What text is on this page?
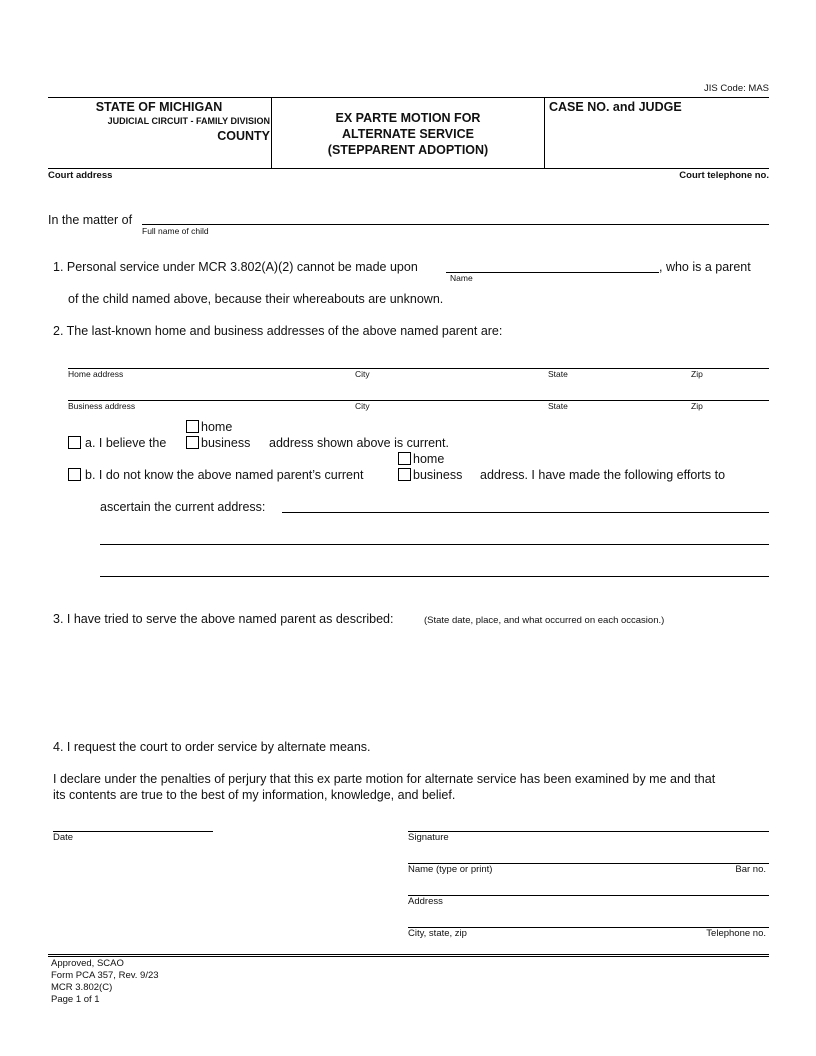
JIS Code: MAS
STATE OF MICHIGAN
JUDICIAL CIRCUIT - FAMILY DIVISION
COUNTY
EX PARTE MOTION FOR
ALTERNATE SERVICE
(STEPPARENT ADOPTION)
CASE NO. and JUDGE
Court address	Court telephone no.
In the matter of
Full name of child
1. Personal service under MCR 3.802(A)(2) cannot be made upon
Name
, who is a parent
of the child named above, because their whereabouts are unknown.
2. The last-known home and business addresses of the above named parent are:
Home address	City	State	Zip
Business address	City	State	Zip
home
a. I believe the	business address shown above is current.
home
b. I do not know the above named parent’s current	business address. I have made the following efforts to
ascertain the current address:
3. I have tried to serve the above named parent as described:	(State date, place, and what occurred on each occasion.)
4. I request the court to order service by alternate means.
I declare under the penalties of perjury that this ex parte motion for alternate service has been examined by me and that
its contents are true to the best of my information, knowledge, and belief.
Date	Signature
Name (type or print)	Bar no.
Address
City, state, zip	Telephone no.
Approved, SCAO
Form PCA 357, Rev. 9/23
MCR 3.802(C)
Page 1 of 1
